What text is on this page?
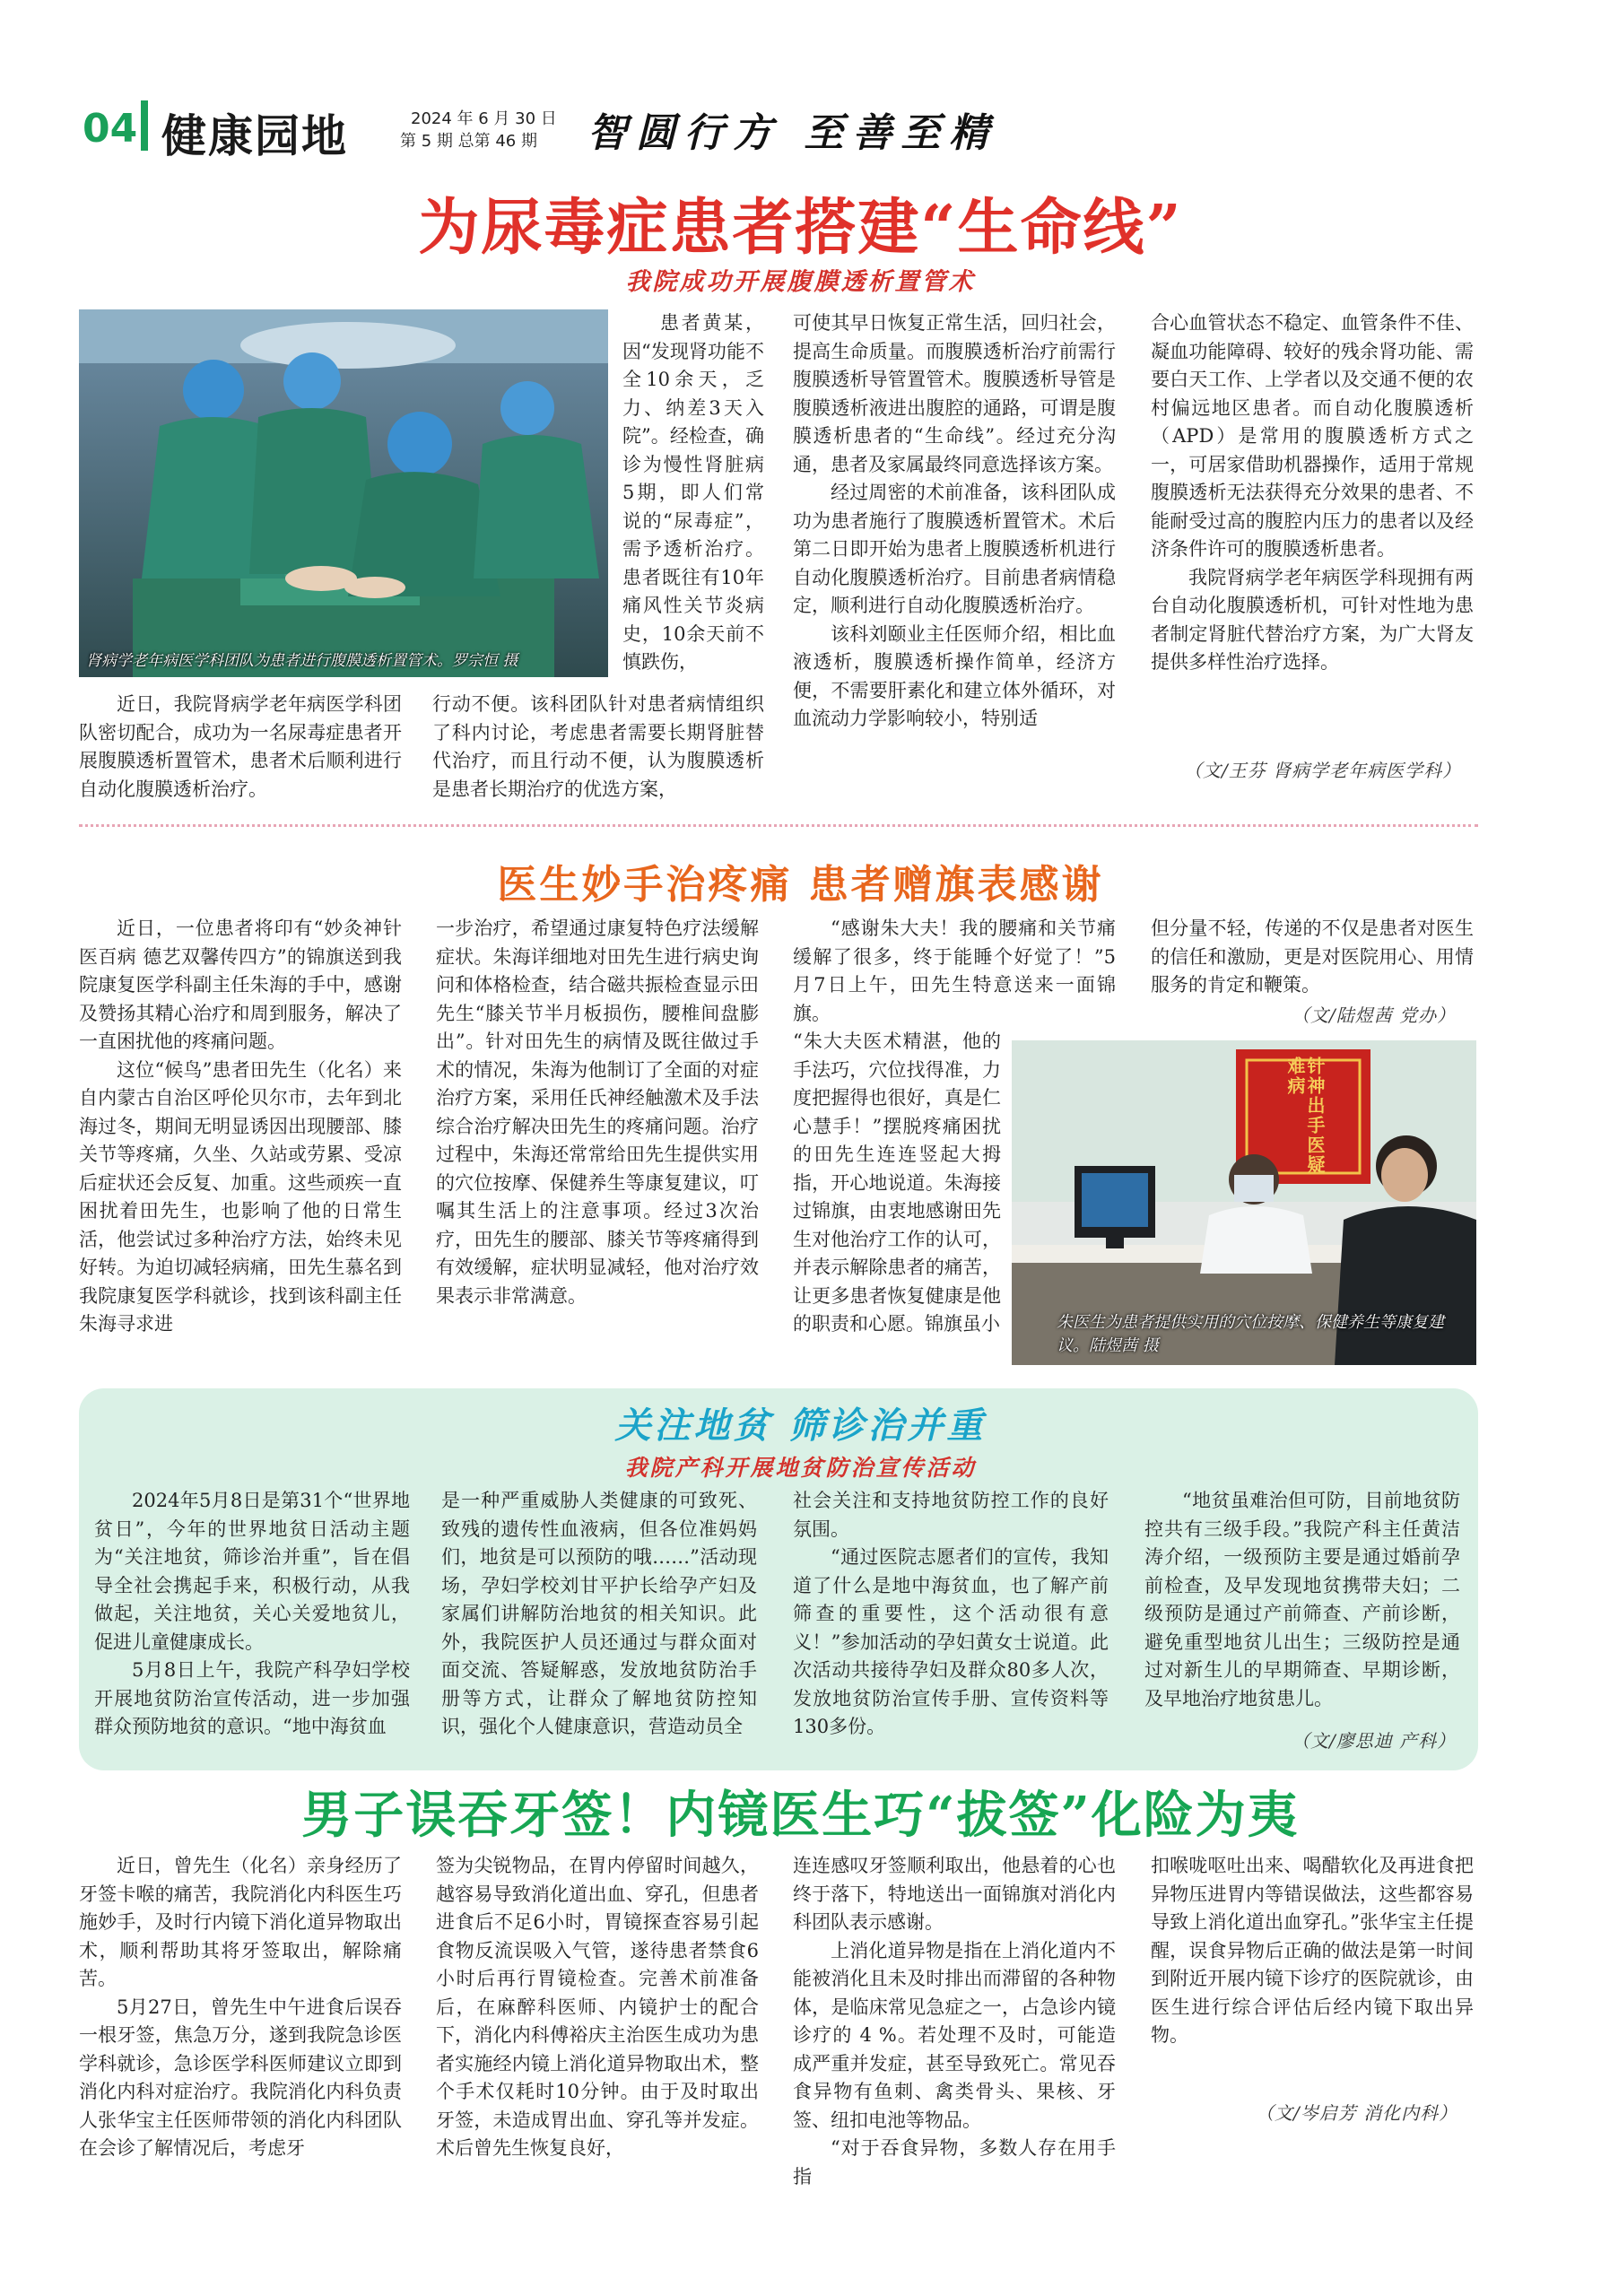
04 健康园地	2024 年 6 月 30 日
第 5 期 总第 46 期 智圆行方 至善至精
为尿毒症患者搭建“生命线”
我院成功开展腹膜透析置管术
肾病学老年病医学科团队为患者进行腹膜透析置管术。罗宗恒 摄

患者黄某，因“发现肾功能不全10余天，乏力、纳差3天入院”。经检查，确诊为慢性肾脏病5期，即人们常说的“尿毒症”，需予透析治疗。患者既往有10年痛风性关节炎病史，10余天前不慎跌伤，

近日，我院肾病学老年病医学科团队密切配合，成功为一名尿毒症患者开展腹膜透析置管术，患者术后顺利进行自动化腹膜透析治疗。

行动不便。该科团队针对患者病情组织了科内讨论，考虑患者需要长期肾脏替代治疗，而且行动不便，认为腹膜透析是患者长期治疗的优选方案，

可使其早日恢复正常生活，回归社会，提高生命质量。而腹膜透析治疗前需行腹膜透析导管置管术。腹膜透析导管是腹膜透析液进出腹腔的通路，可谓是腹膜透析患者的“生命线”。经过充分沟通，患者及家属最终同意选择该方案。

经过周密的术前准备，该科团队成功为患者施行了腹膜透析置管术。术后第二日即开始为患者上腹膜透析机进行自动化腹膜透析治疗。目前患者病情稳定，顺利进行自动化腹膜透析治疗。

该科刘颐业主任医师介绍，相比血液透析，腹膜透析操作简单，经济方便，不需要肝素化和建立体外循环，对血流动力学影响较小，特别适

合心血管状态不稳定、血管条件不佳、凝血功能障碍、较好的残余肾功能、需要白天工作、上学者以及交通不便的农村偏远地区患者。而自动化腹膜透析（APD）是常用的腹膜透析方式之一，可居家借助机器操作，适用于常规腹膜透析无法获得充分效果的患者、不能耐受过高的腹腔内压力的患者以及经济条件许可的腹膜透析患者。

我院肾病学老年病医学科现拥有两台自动化腹膜透析机，可针对性地为患者制定肾脏代替治疗方案，为广大肾友提供多样性治疗选择。

（文/王芬 肾病学老年病医学科）
医生妙手治疼痛 患者赠旗表感谢

近日，一位患者将印有“妙灸神针医百病 德艺双馨传四方”的锦旗送到我院康复医学科副主任朱海的手中，感谢及赞扬其精心治疗和周到服务，解决了一直困扰他的疼痛问题。

这位“候鸟”患者田先生（化名）来自内蒙古自治区呼伦贝尔市，去年到北海过冬，期间无明显诱因出现腰部、膝关节等疼痛，久坐、久站或劳累、受凉后症状还会反复、加重。这些顽疾一直困扰着田先生，也影响了他的日常生活，他尝试过多种治疗方法，始终未见好转。为迫切减轻病痛，田先生慕名到我院康复医学科就诊，找到该科副主任朱海寻求进

一步治疗，希望通过康复特色疗法缓解症状。朱海详细地对田先生进行病史询问和体格检查，结合磁共振检查显示田先生“膝关节半月板损伤，腰椎间盘膨出”。针对田先生的病情及既往做过手术的情况，朱海为他制订了全面的对症治疗方案，采用任氏神经触激术及手法综合治疗解决田先生的疼痛问题。治疗过程中，朱海还常常给田先生提供实用的穴位按摩、保健养生等康复建议，叮嘱其生活上的注意事项。经过3次治疗，田先生的腰部、膝关节等疼痛得到有效缓解，症状明显减轻，他对治疗效果表示非常满意。

“感谢朱大夫！我的腰痛和关节痛缓解了很多，终于能睡个好觉了！”5月7日上午，田先生特意送来一面锦旗。

“朱大夫医术精湛，他的手法巧，穴位找得准，力度把握得也很好，真是仁心慧手！”摆脱疼痛困扰的田先生连连竖起大拇指，开心地说道。朱海接过锦旗，由衷地感谢田先生对他治疗工作的认可，并表示解除患者的痛苦，让更多患者恢复健康是他的职责和心愿。锦旗虽小

但分量不轻，传递的不仅是患者对医生的信任和激励，更是对医院用心、用情服务的肯定和鞭策。

（文/陆煜茜 党办）
针神出手医疑难病
朱医生为患者提供实用的穴位按摩、保健养生等康复建议。陆煜茜 摄
关注地贫 筛诊治并重
我院产科开展地贫防治宣传活动

2024年5月8日是第31个“世界地贫日”，今年的世界地贫日活动主题为“关注地贫，筛诊治并重”，旨在倡导全社会携起手来，积极行动，从我做起，关注地贫，关心关爱地贫儿，促进儿童健康成长。

5月8日上午，我院产科孕妇学校开展地贫防治宣传活动，进一步加强群众预防地贫的意识。“地中海贫血

是一种严重威胁人类健康的可致死、致残的遗传性血液病，但各位准妈妈们，地贫是可以预防的哦……”活动现场，孕妇学校刘甘平护长给孕产妇及家属们讲解防治地贫的相关知识。此外，我院医护人员还通过与群众面对面交流、答疑解惑，发放地贫防治手册等方式，让群众了解地贫防控知识，强化个人健康意识，营造动员全

社会关注和支持地贫防控工作的良好氛围。

“通过医院志愿者们的宣传，我知道了什么是地中海贫血，也了解产前筛查的重要性，这个活动很有意义！”参加活动的孕妇黄女士说道。此次活动共接待孕妇及群众80多人次，发放地贫防治宣传手册、宣传资料等130多份。

“地贫虽难治但可防，目前地贫防控共有三级手段。”我院产科主任黄洁涛介绍，一级预防主要是通过婚前孕前检查，及早发现地贫携带夫妇；二级预防是通过产前筛查、产前诊断，避免重型地贫儿出生；三级防控是通过对新生儿的早期筛查、早期诊断，及早地治疗地贫患儿。

（文/廖思迪 产科）
男子误吞牙签！内镜医生巧“拔签”化险为夷

近日，曾先生（化名）亲身经历了牙签卡喉的痛苦，我院消化内科医生巧施妙手，及时行内镜下消化道异物取出术，顺利帮助其将牙签取出，解除痛苦。

5月27日，曾先生中午进食后误吞一根牙签，焦急万分，遂到我院急诊医学科就诊，急诊医学科医师建议立即到消化内科对症治疗。我院消化内科负责人张华宝主任医师带领的消化内科团队在会诊了解情况后，考虑牙

签为尖锐物品，在胃内停留时间越久，越容易导致消化道出血、穿孔，但患者进食后不足6小时，胃镜探查容易引起食物反流误吸入气管，遂待患者禁食6小时后再行胃镜检查。完善术前准备后，在麻醉科医师、内镜护士的配合下，消化内科傅裕庆主治医生成功为患者实施经内镜上消化道异物取出术，整个手术仅耗时10分钟。由于及时取出牙签，未造成胃出血、穿孔等并发症。术后曾先生恢复良好，

连连感叹牙签顺利取出，他悬着的心也终于落下，特地送出一面锦旗对消化内科团队表示感谢。

上消化道异物是指在上消化道内不能被消化且未及时排出而滞留的各种物体，是临床常见急症之一，占急诊内镜诊疗的 4 %。若处理不及时，可能造成严重并发症，甚至导致死亡。常见吞食异物有鱼刺、禽类骨头、果核、牙签、纽扣电池等物品。

“对于吞食异物，多数人存在用手指

扣喉咙呕吐出来、喝醋软化及再进食把异物压进胃内等错误做法，这些都容易导致上消化道出血穿孔。”张华宝主任提醒，误食异物后正确的做法是第一时间到附近开展内镜下诊疗的医院就诊，由医生进行综合评估后经内镜下取出异物。

（文/岑启芳 消化内科）
